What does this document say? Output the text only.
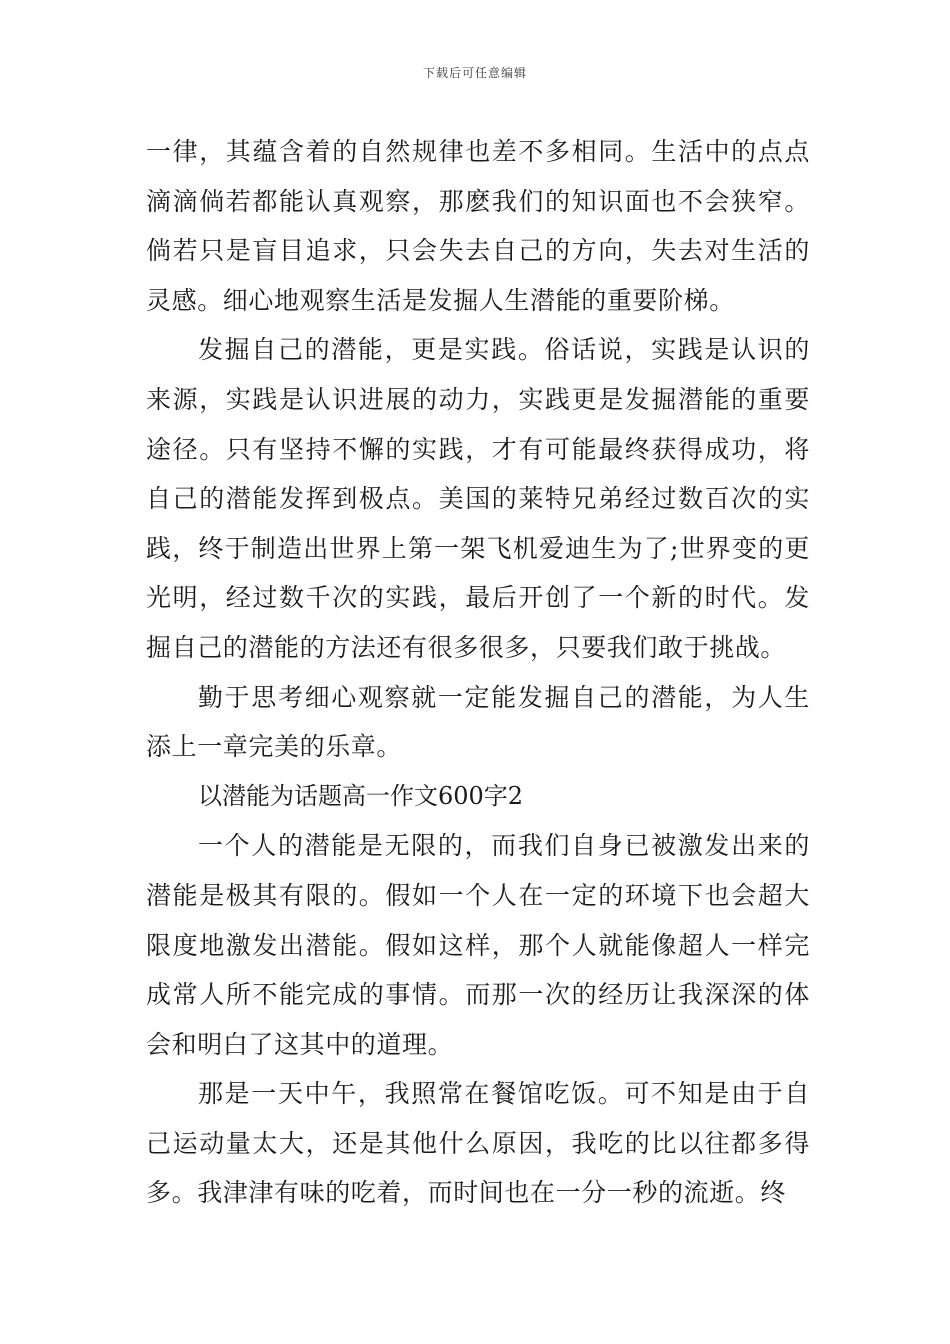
下载后可任意编辑

一律，其蕴含着的自然规律也差不多相同。生活中的点点滴滴倘若都能认真观察，那麽我们的知识面也不会狭窄。倘若只是盲目追求，只会失去自己的方向，失去对生活的灵感。细心地观察生活是发掘人生潜能的重要阶梯。

发掘自己的潜能，更是实践。俗话说，实践是认识的来源，实践是认识进展的动力，实践更是发掘潜能的重要途径。只有坚持不懈的实践，才有可能最终获得成功，将自己的潜能发挥到极点。美国的莱特兄弟经过数百次的实践，终于制造出世界上第一架飞机爱迪生为了;世界变的更光明，经过数千次的实践，最后开创了一个新的时代。发掘自己的潜能的方法还有很多很多，只要我们敢于挑战。

勤于思考细心观察就一定能发掘自己的潜能，为人生添上一章完美的乐章。

以潜能为话题高一作文600字2

一个人的潜能是无限的，而我们自身已被激发出来的潜能是极其有限的。假如一个人在一定的环境下也会超大限度地激发出潜能。假如这样，那个人就能像超人一样完成常人所不能完成的事情。而那一次的经历让我深深的体会和明白了这其中的道理。

那是一天中午，我照常在餐馆吃饭。可不知是由于自己运动量太大，还是其他什么原因，我吃的比以往都多得多。我津津有味的吃着，而时间也在一分一秒的流逝。终
